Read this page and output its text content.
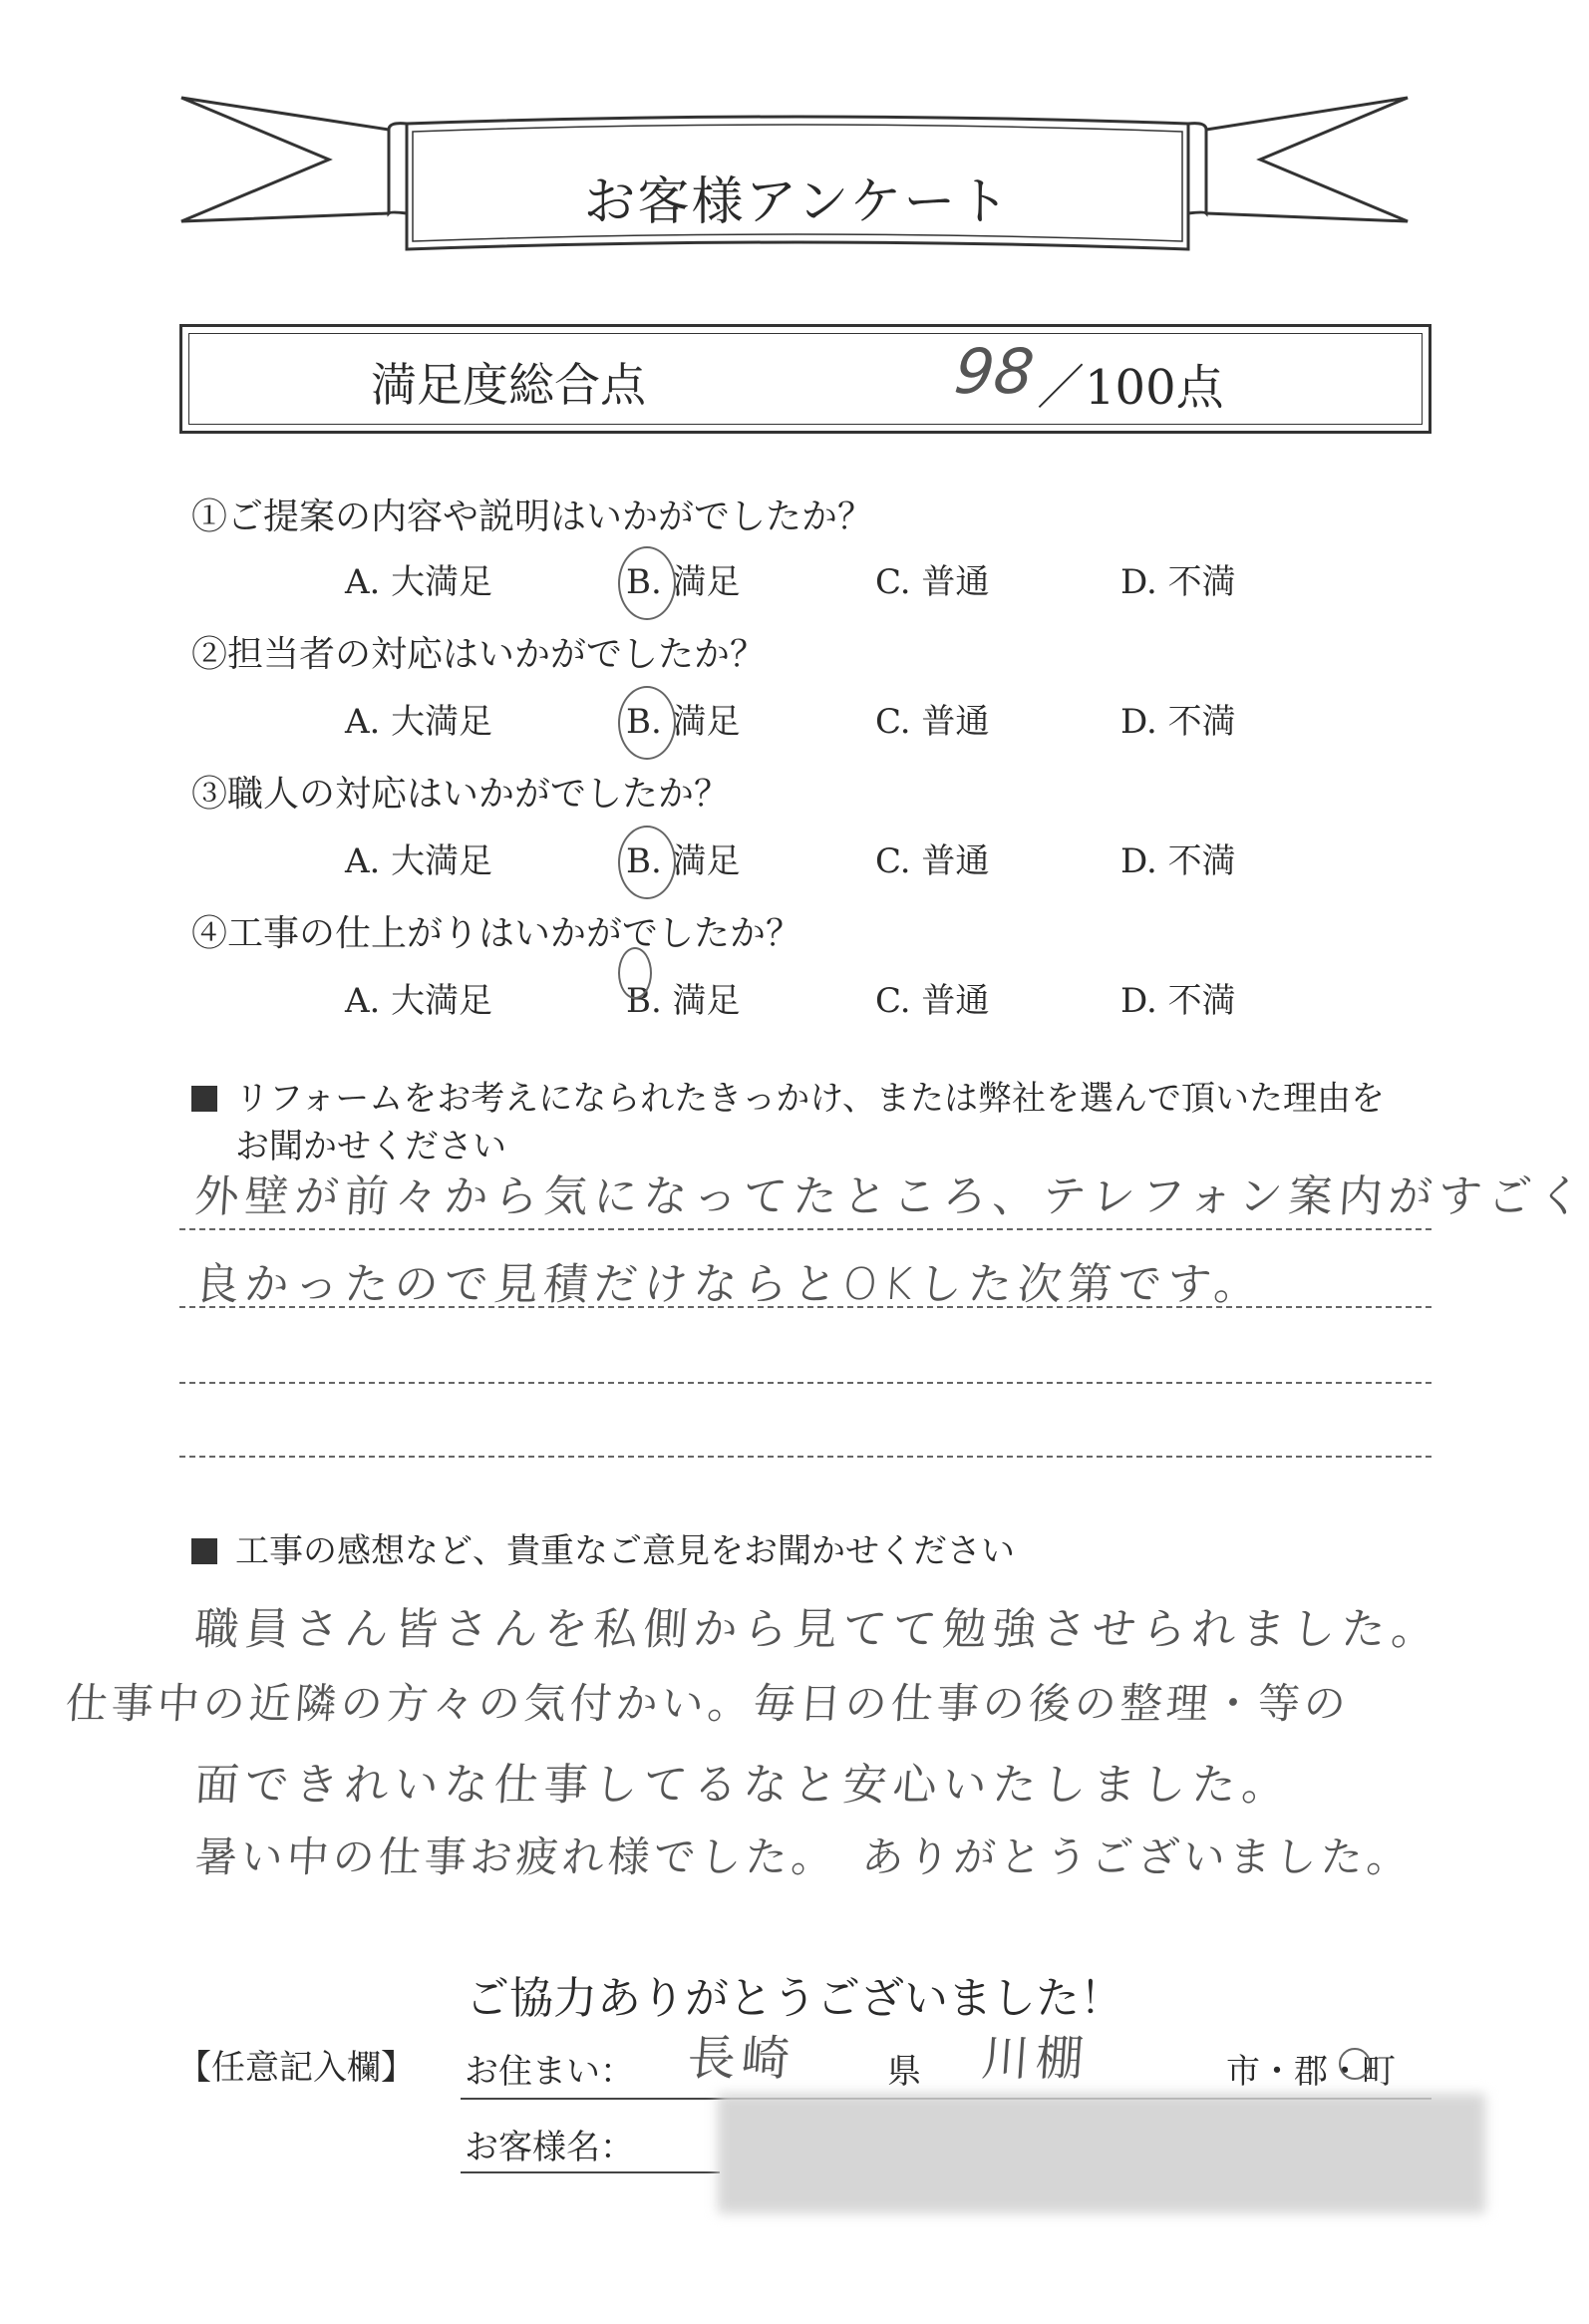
お客様アンケート
満足度総合点	98 ／100点
①ご提案の内容や説明はいかがでしたか？
A. 大満足	B. 満足	C. 普通	D. 不満
②担当者の対応はいかがでしたか？
A. 大満足	B. 満足	C. 普通	D. 不満
③職人の対応はいかがでしたか？
A. 大満足	B. 満足	C. 普通	D. 不満
④工事の仕上がりはいかがでしたか？
A. 大満足	B. 満足	C. 普通	D. 不満
リフォームをお考えになられたきっかけ、または弊社を選んで頂いた理由を
お聞かせください
外壁が前々から気になってたところ、テレフォン案内がすごく
良かったので見積だけならとOKした次第です。
工事の感想など、貴重なご意見をお聞かせください
職員さん皆さんを私側から見てて勉強させられました。
仕事中の近隣の方々の気付かい。毎日の仕事の後の整理・等の
面できれいな仕事してるなと安心いたしました。
暑い中の仕事お疲れ様でした。　ありがとうございました。
ご協力ありがとうございました！
【任意記入欄】 お住まい： 長崎	県 川棚	市・郡・町
お客様名：
